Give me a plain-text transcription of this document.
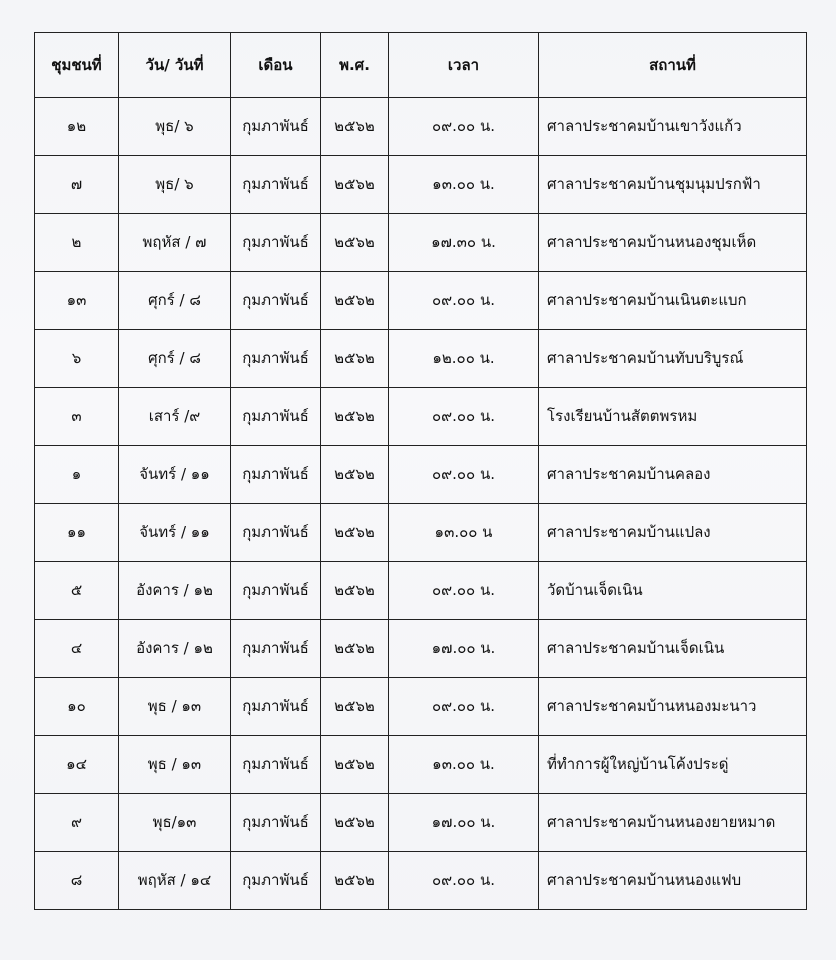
ชุมชนที่	วัน/ วันที่	เดือน	พ.ศ.	เวลา	สถานที่
๑๒	พุธ/ ๖	กุมภาพันธ์	๒๕๖๒	๐๙.๐๐ น.	ศาลาประชาคมบ้านเขาวังแก้ว
๗	พุธ/ ๖	กุมภาพันธ์	๒๕๖๒	๑๓.๐๐ น.	ศาลาประชาคมบ้านชุมนุมปรกฟ้า
๒	พฤหัส / ๗	กุมภาพันธ์	๒๕๖๒	๑๗.๓๐ น.	ศาลาประชาคมบ้านหนองชุมเห็ด
๑๓	ศุกร์ / ๘	กุมภาพันธ์	๒๕๖๒	๐๙.๐๐ น.	ศาลาประชาคมบ้านเนินตะแบก
๖	ศุกร์ / ๘	กุมภาพันธ์	๒๕๖๒	๑๒.๐๐ น.	ศาลาประชาคมบ้านทับบริบูรณ์
๓	เสาร์ /๙	กุมภาพันธ์	๒๕๖๒	๐๙.๐๐ น.	โรงเรียนบ้านสัตตพรหม
๑	จันทร์ / ๑๑	กุมภาพันธ์	๒๕๖๒	๐๙.๐๐ น.	ศาลาประชาคมบ้านคลอง
๑๑	จันทร์ / ๑๑	กุมภาพันธ์	๒๕๖๒	๑๓.๐๐ น	ศาลาประชาคมบ้านแปลง
๕	อังคาร / ๑๒	กุมภาพันธ์	๒๕๖๒	๐๙.๐๐ น.	วัดบ้านเจ็ดเนิน
๔	อังคาร / ๑๒	กุมภาพันธ์	๒๕๖๒	๑๗.๐๐ น.	ศาลาประชาคมบ้านเจ็ดเนิน
๑๐	พุธ / ๑๓	กุมภาพันธ์	๒๕๖๒	๐๙.๐๐ น.	ศาลาประชาคมบ้านหนองมะนาว
๑๔	พุธ / ๑๓	กุมภาพันธ์	๒๕๖๒	๑๓.๐๐ น.	ที่ทำการผู้ใหญ่บ้านโค้งประดู่
๙	พุธ/๑๓	กุมภาพันธ์	๒๕๖๒	๑๗.๐๐ น.	ศาลาประชาคมบ้านหนองยายหมาด
๘	พฤหัส / ๑๔	กุมภาพันธ์	๒๕๖๒	๐๙.๐๐ น.	ศาลาประชาคมบ้านหนองแฟบ
